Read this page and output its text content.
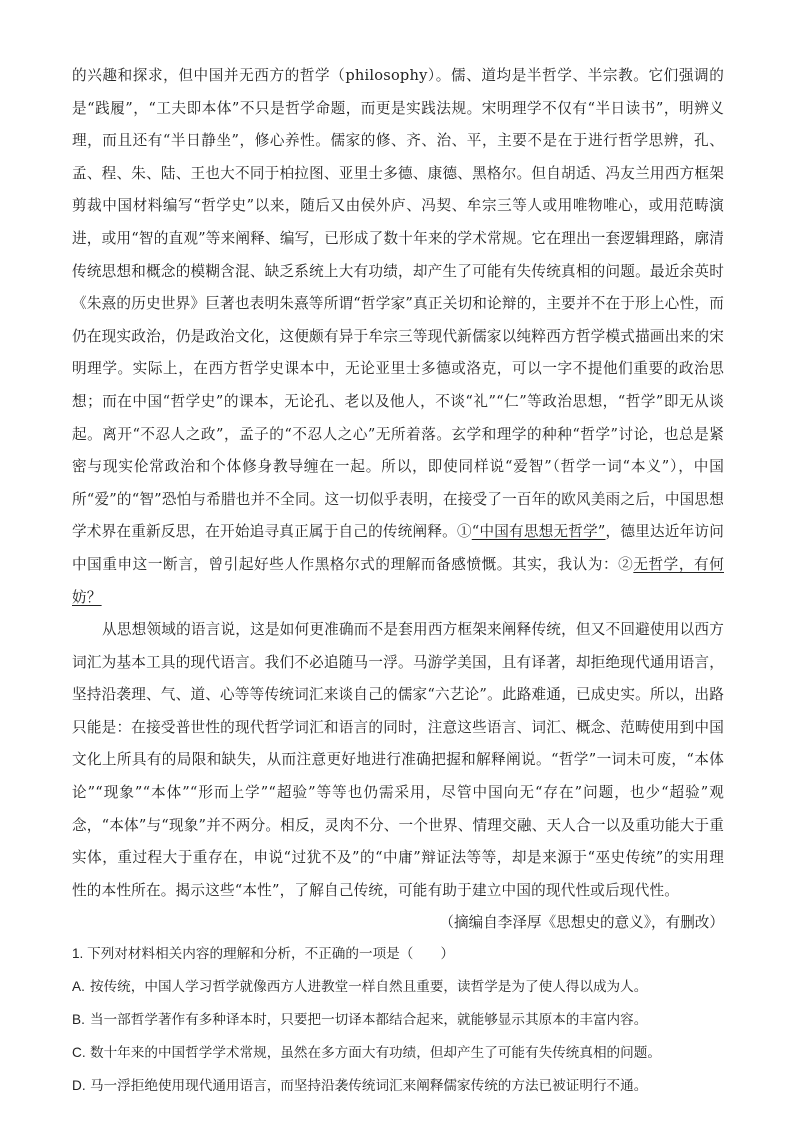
的兴趣和探求，但中国并无西方的哲学（philosophy）。儒、道均是半哲学、半宗教。它们强调的是“践履”，“工夫即本体”不只是哲学命题，而更是实践法规。宋明理学不仅有“半日读书”，明辨义理，而且还有“半日静坐”，修心养性。儒家的修、齐、治、平，主要不是在于进行哲学思辨，孔、孟、程、朱、陆、王也大不同于柏拉图、亚里士多德、康德、黑格尔。但自胡适、冯友兰用西方框架剪裁中国材料编写“哲学史”以来，随后又由侯外庐、冯契、牟宗三等人或用唯物唯心，或用范畴演进，或用“智的直观”等来阐释、编写，已形成了数十年来的学术常规。它在理出一套逻辑理路，廓清传统思想和概念的模糊含混、缺乏系统上大有功绩，却产生了可能有失传统真相的问题。最近余英时《朱熹的历史世界》巨著也表明朱熹等所谓“哲学家”真正关切和论辩的，主要并不在于形上心性，而仍在现实政治，仍是政治文化，这便颇有异于牟宗三等现代新儒家以纯粹西方哲学模式描画出来的宋明理学。实际上，在西方哲学史课本中，无论亚里士多德或洛克，可以一字不提他们重要的政治思想；而在中国“哲学史”的课本，无论孔、老以及他人，不谈“礼”“仁”等政治思想，“哲学”即无从谈起。离开“不忍人之政”，孟子的“不忍人之心”无所着落。玄学和理学的种种“哲学”讨论，也总是紧密与现实伦常政治和个体修身教导缠在一起。所以，即使同样说“爱智”（哲学一词“本义”），中国所“爱”的“智”恐怕与希腊也并不全同。这一切似乎表明，在接受了一百年的欧风美雨之后，中国思想学术界在重新反思，在开始追寻真正属于自己的传统阐释。①“中国有思想无哲学”，德里达近年访问中国重申这一断言，曾引起好些人作黑格尔式的理解而备感愤慨。其实，我认为：②无哲学，有何妨？

从思想领域的语言说，这是如何更准确而不是套用西方框架来阐释传统，但又不回避使用以西方词汇为基本工具的现代语言。我们不必追随马一浮。马游学美国，且有译著，却拒绝现代通用语言，坚持沿袭理、气、道、心等等传统词汇来谈自己的儒家“六艺论”。此路难通，已成史实。所以，出路只能是：在接受普世性的现代哲学词汇和语言的同时，注意这些语言、词汇、概念、范畴使用到中国文化上所具有的局限和缺失，从而注意更好地进行准确把握和解释阐说。“哲学”一词未可废，“本体论”“现象”“本体”“形而上学”“超验”等等也仍需采用，尽管中国向无“存在”问题，也少“超验”观念，“本体”与“现象”并不两分。相反，灵肉不分、一个世界、情理交融、天人合一以及重功能大于重实体，重过程大于重存在，申说“过犹不及”的“中庸”辩证法等等，却是来源于“巫史传统”的实用理性的本性所在。揭示这些“本性”，了解自己传统，可能有助于建立中国的现代性或后现代性。

（摘编自李泽厚《思想史的意义》，有删改）

1. 下列对材料相关内容的理解和分析，不正确的一项是（　　）

A. 按传统，中国人学习哲学就像西方人进教堂一样自然且重要，读哲学是为了使人得以成为人。

B. 当一部哲学著作有多种译本时，只要把一切译本都结合起来，就能够显示其原本的丰富内容。

C. 数十年来的中国哲学学术常规，虽然在多方面大有功绩，但却产生了可能有失传统真相的问题。

D. 马一浮拒绝使用现代通用语言，而坚持沿袭传统词汇来阐释儒家传统的方法已被证明行不通。
